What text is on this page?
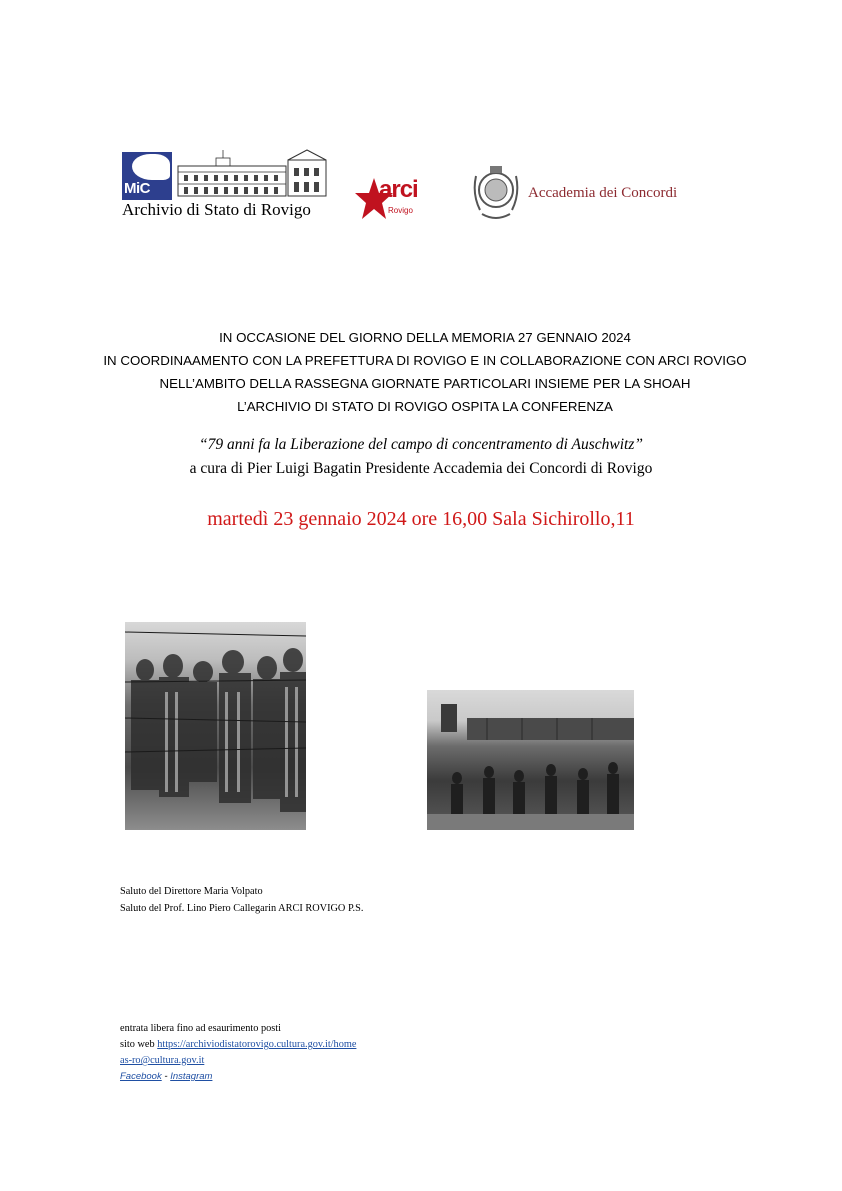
MiC
Archivio di Stato di Rovigo
arci
Rovigo
Accademia dei Concordi
IN OCCASIONE DEL GIORNO DELLA MEMORIA 27 GENNAIO 2024
IN COORDINAAMENTO CON LA PREFETTURA DI ROVIGO E IN COLLABORAZIONE CON ARCI ROVIGO
NELL’AMBITO DELLA RASSEGNA GIORNATE PARTICOLARI INSIEME PER LA SHOAH
L’ARCHIVIO DI STATO DI ROVIGO OSPITA LA CONFERENZA
“79 anni fa la Liberazione del campo di concentramento di Auschwitz”
a cura di Pier Luigi Bagatin Presidente Accademia dei Concordi di Rovigo
martedì 23 gennaio 2024 ore 16,00 Sala Sichirollo,11
Saluto del Direttore Maria Volpato
Saluto del Prof. Lino Piero Callegarin ARCI ROVIGO P.S.
entrata libera fino ad esaurimento posti
sito web https://archiviodistatorovigo.cultura.gov.it/home
as-ro@cultura.gov.it
Facebook - Instagram
